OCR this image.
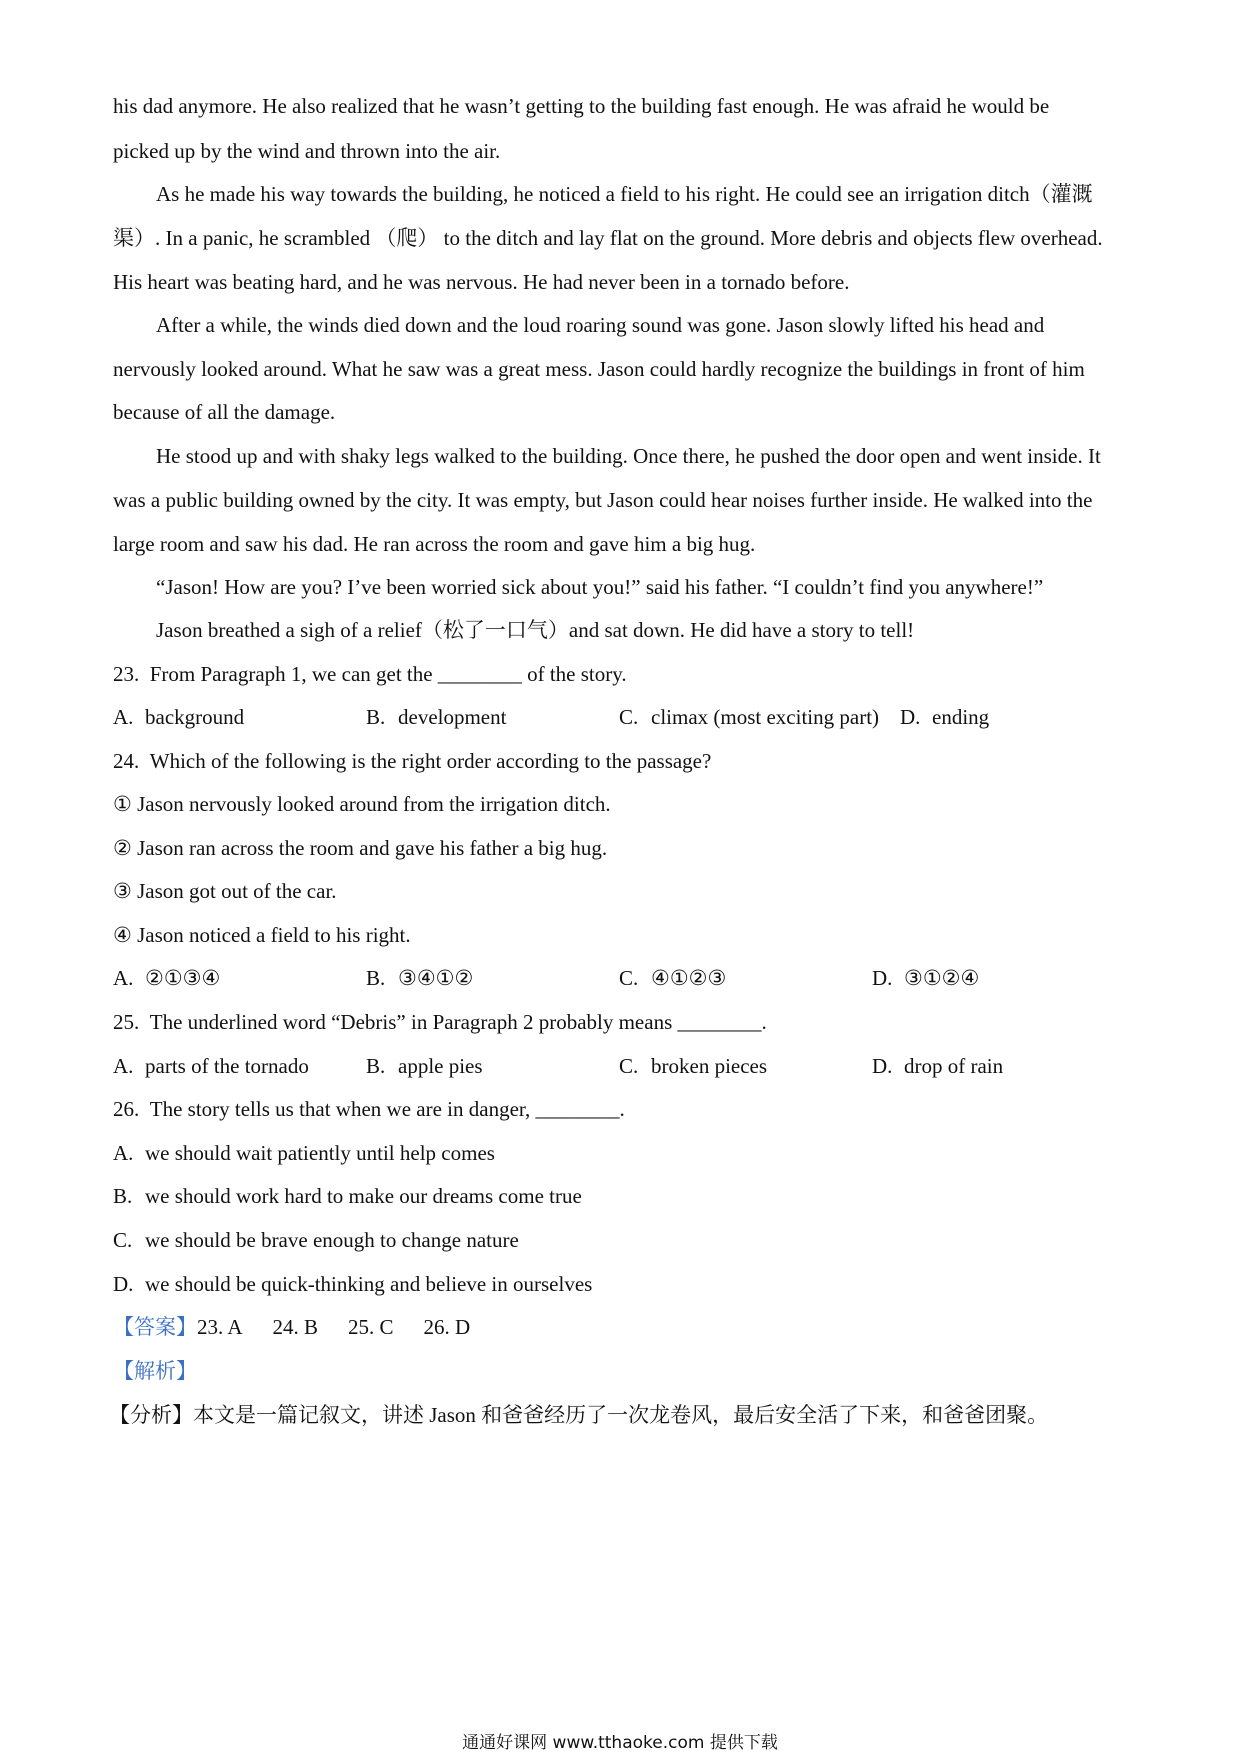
his dad anymore. He also realized that he wasn’t getting to the building fast enough. He was afraid he would be
picked up by the wind and thrown into the air.
As he made his way towards the building, he noticed a field to his right. He could see an irrigation ditch（灌溉
渠）. In a panic, he scrambled （爬） to the ditch and lay flat on the ground. More debris and objects flew overhead.
His heart was beating hard, and he was nervous. He had never been in a tornado before.
After a while, the winds died down and the loud roaring sound was gone. Jason slowly lifted his head and
nervously looked around. What he saw was a great mess. Jason could hardly recognize the buildings in front of him
because of all the damage.
He stood up and with shaky legs walked to the building. Once there, he pushed the door open and went inside. It
was a public building owned by the city. It was empty, but Jason could hear noises further inside. He walked into the
large room and saw his dad. He ran across the room and gave him a big hug.
“Jason! How are you? I’ve been worried sick about you!” said his father. “I couldn’t find you anywhere!”
Jason breathed a sigh of a relief（松了一口气）and sat down. He did have a story to tell!
23.  From Paragraph 1, we can get the ________ of the story.
A. background	B. development	C. climax (most exciting part) D. ending
24.  Which of the following is the right order according to the passage?
① Jason nervously looked around from the irrigation ditch.
② Jason ran across the room and gave his father a big hug.
③ Jason got out of the car.
④ Jason noticed a field to his right.
A. ②①③④	B. ③④①②	C. ④①②③	D. ③①②④
25.  The underlined word “Debris” in Paragraph 2 probably means ________.
A. parts of the tornado	B. apple pies	C. broken pieces	D. drop of rain
26.  The story tells us that when we are in danger, ________.
A. we should wait patiently until help comes
B. we should work hard to make our dreams come true
C. we should be brave enough to change nature
D. we should be quick-thinking and believe in ourselves
【答案】23. A 24. B 25. C 26. D
【解析】
【分析】本文是一篇记叙文，讲述 Jason 和爸爸经历了一次龙卷风，最后安全活了下来，和爸爸团聚。
通通好课网 www.tthaoke.com 提供下载
